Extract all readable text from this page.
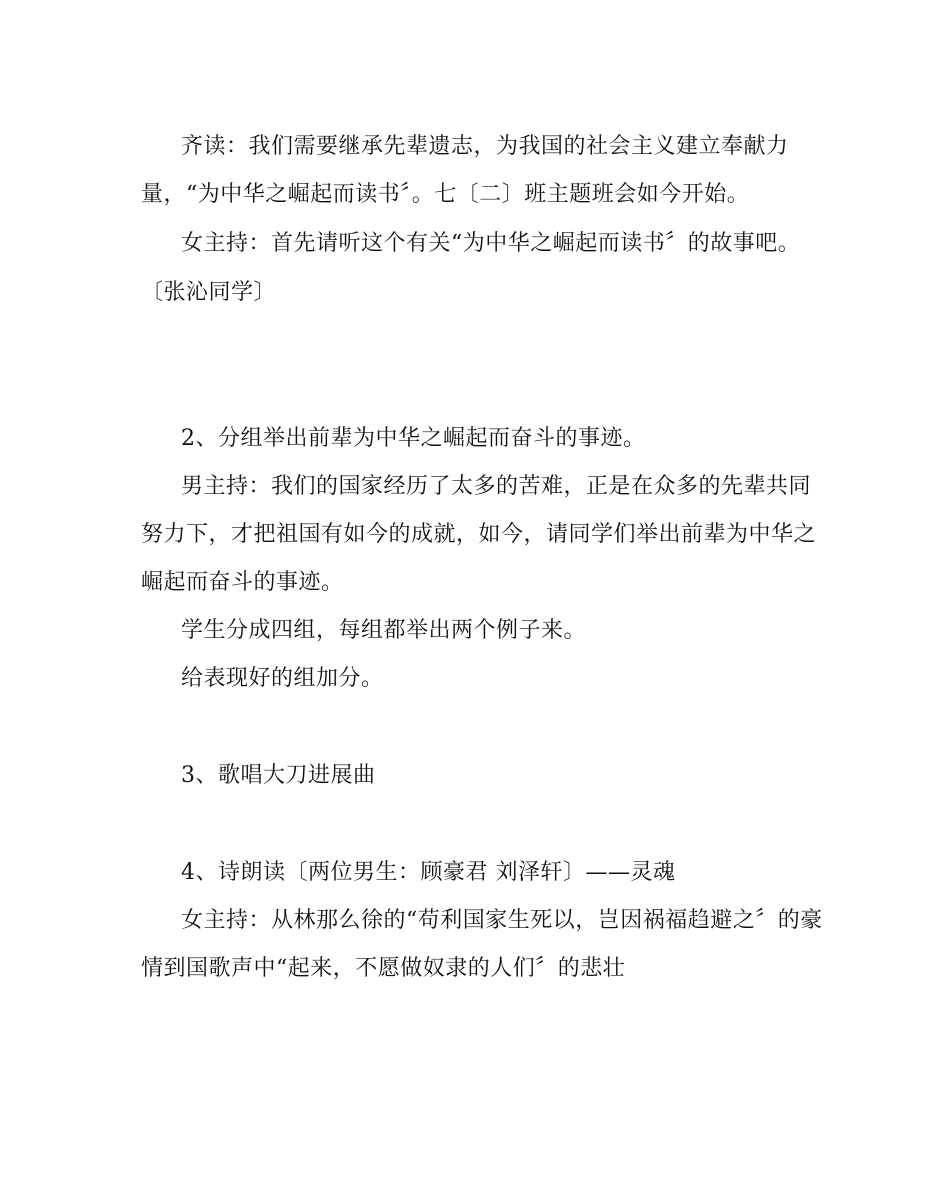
齐读：我们需要继承先辈遗志，为我国的社会主义建立奉献力
量，“为中华之崛起而读书〞。七〔二〕班主题班会如今开始。
女主持：首先请听这个有关“为中华之崛起而读书〞的故事吧。
〔张沁同学〕
2、分组举出前辈为中华之崛起而奋斗的事迹。
男主持：我们的国家经历了太多的苦难，正是在众多的先辈共同
努力下，才把祖国有如今的成就，如今，请同学们举出前辈为中华之
崛起而奋斗的事迹。
学生分成四组，每组都举出两个例子来。
给表现好的组加分。
3、歌唱大刀进展曲
4、诗朗读〔两位男生：顾豪君 刘泽轩〕——灵魂
女主持：从林那么徐的“苟利国家生死以，岂因祸福趋避之〞的豪
情到国歌声中“起来，不愿做奴隶的人们〞的悲壮
